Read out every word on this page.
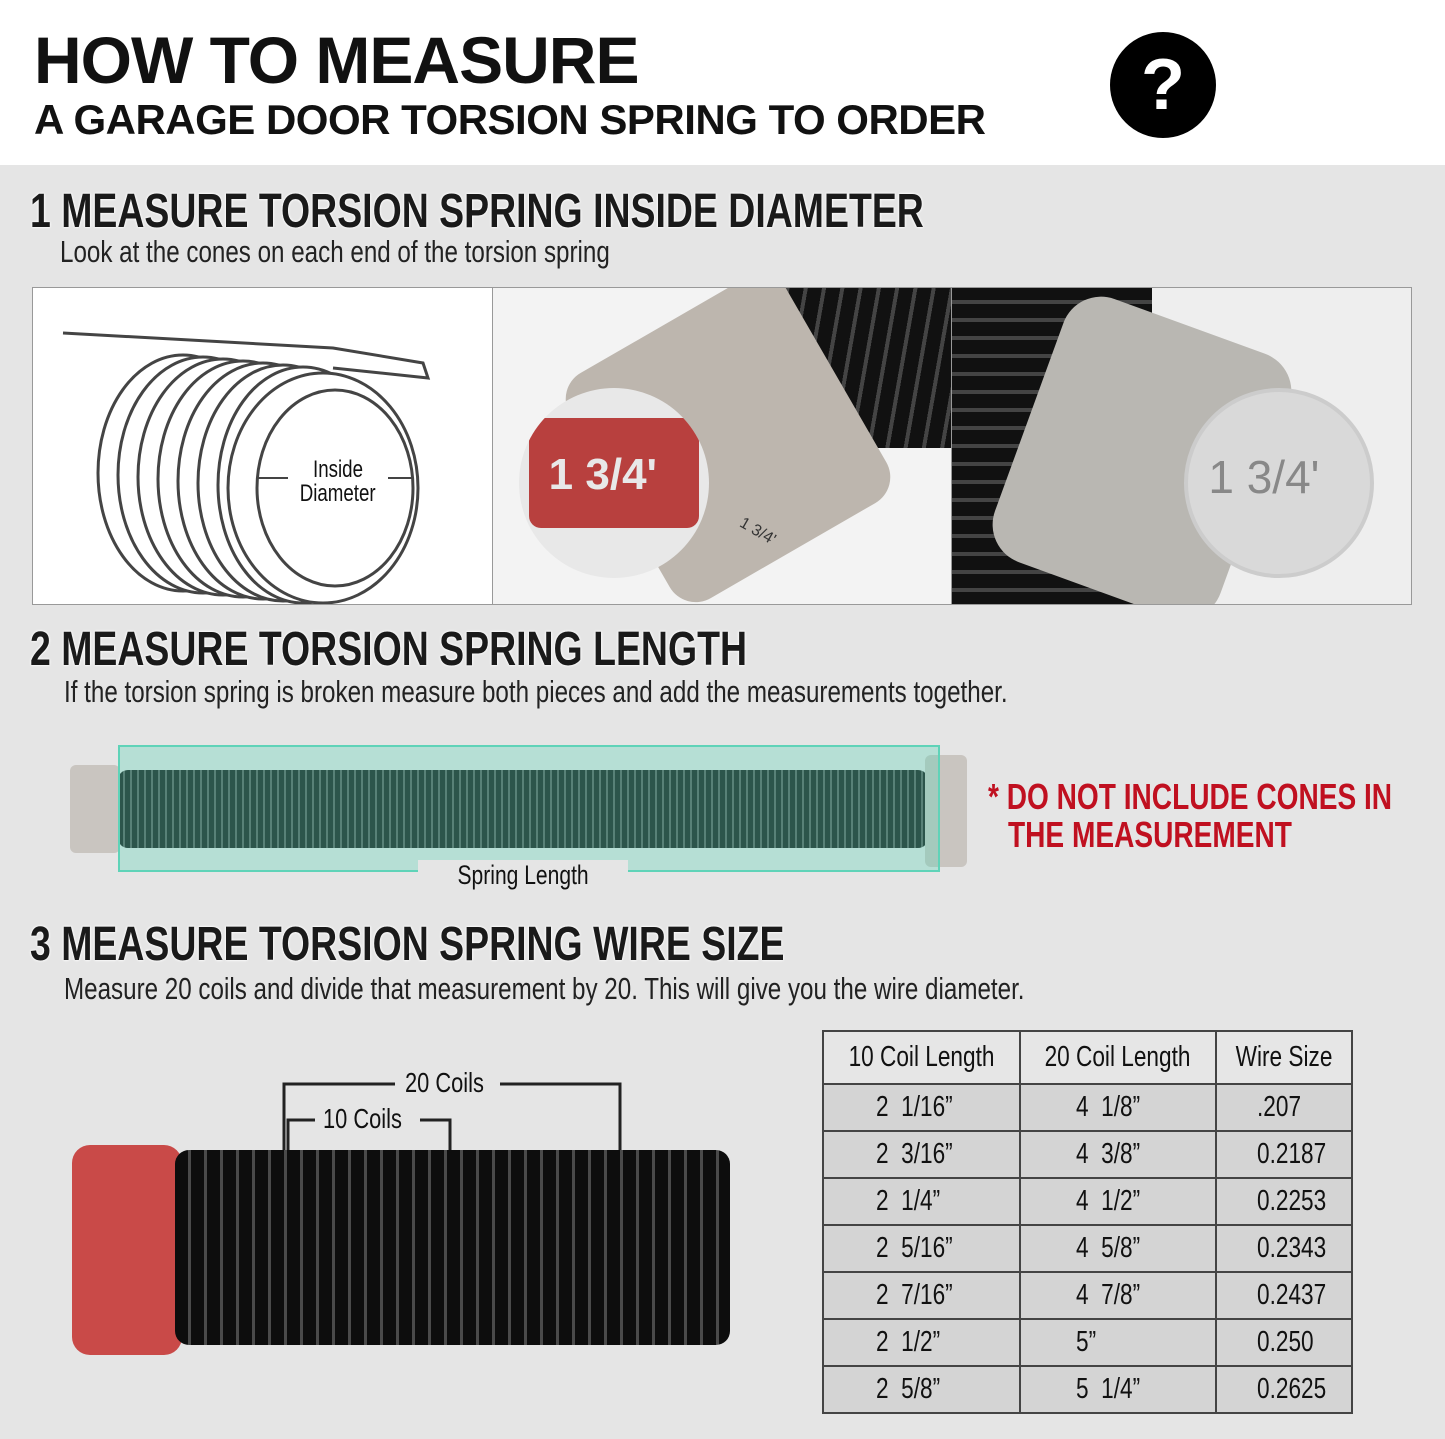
HOW TO MEASURE
A GARAGE DOOR TORSION SPRING TO ORDER	?
1 MEASURE TORSION SPRING INSIDE DIAMETER
Look at the cones on each end of the torsion spring
Inside
Diameter	1 3/4'
1 3/4'
1 3/4'
2 MEASURE TORSION SPRING LENGTH
If the torsion spring is broken measure both pieces and add the measurements together.
Spring Length
* DO NOT INCLUDE CONES IN
THE MEASUREMENT
3 MEASURE TORSION SPRING WIRE SIZE
Measure 20 coils and divide that measurement by 20. This will give you the wire diameter.
20 Coils
10 Coils
10 Coil Length	20 Coil Length	Wire Size
2  1/16”	4  1/8”	.207
2  3/16”	4  3/8”	0.2187
2  1/4”	4  1/2”	0.2253
2  5/16”	4  5/8”	0.2343
2  7/16”	4  7/8”	0.2437
2  1/2”	5”	0.250
2  5/8”	5  1/4”	0.2625
